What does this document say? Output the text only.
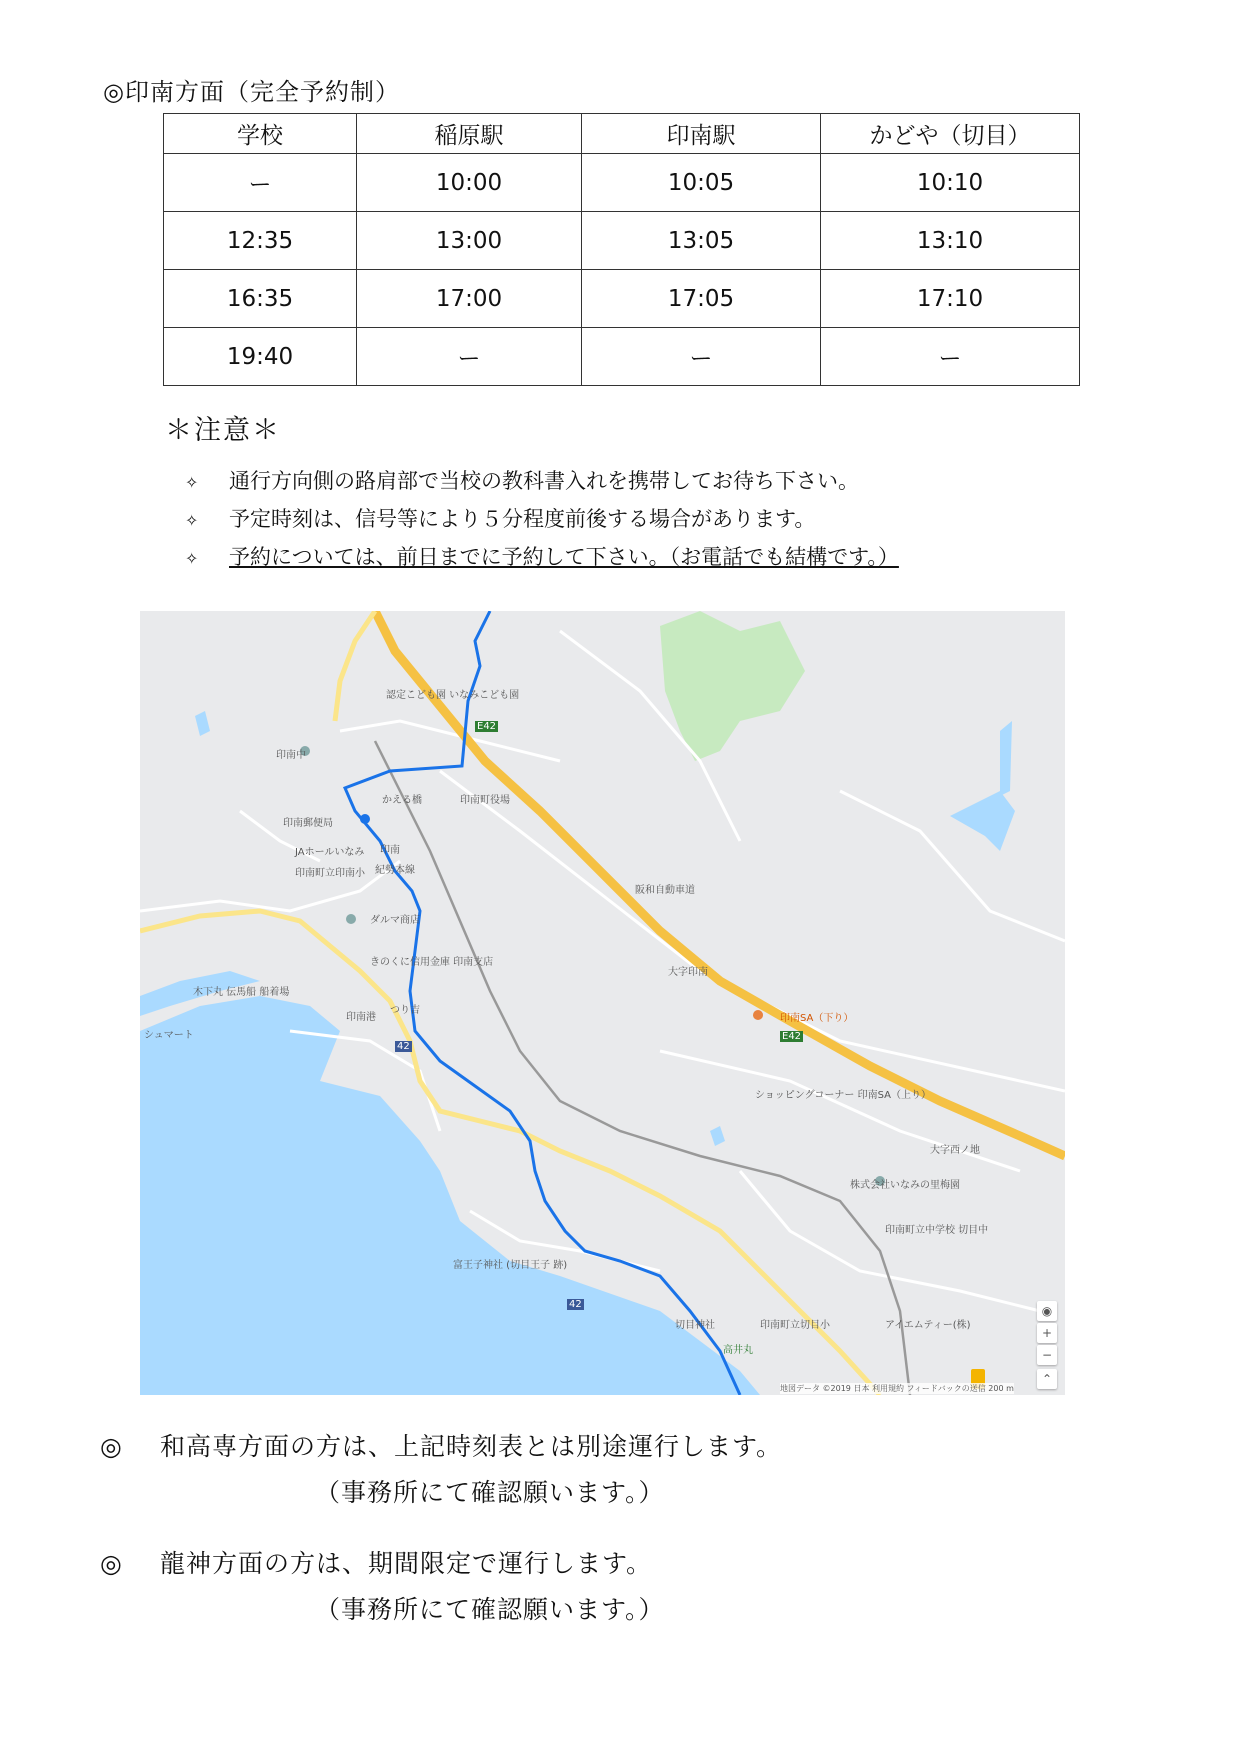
◎印南方面（完全予約制）
学校	稲原駅	印南駅	かどや（切目）
ー	10:00	10:05	10:10
12:35	13:00	13:05	13:10
16:35	17:00	17:05	17:10
19:40	ー	ー	ー
＊注意＊
✧ 通行方向側の路肩部で当校の教科書入れを携帯してお待ち下さい。
✧ 予定時刻は、信号等により５分程度前後する場合があります。
✧ 予約については、前日までに予約して下さい。（お電話でも結構です。）
認定こども園 いなみこども園
印南中
かえる橋	印南町役場
印南郵便局
印南
JAホールいなみ
印南町立印南小
ダルマ商店
きのくに信用金庫 印南支店
木下丸 伝馬船 船着場
印南港
つり吉
シュマート
阪和自動車道
紀勢本線
大字印南
印南SA（下り）
ショッピングコーナー 印南SA（上り）
大字西ノ地
株式会社いなみの里梅園
印南町立中学校 切目中
富王子神社 (切目王子 跡)
切目神社	印南町立切目小
高井丸
アイエムティー(株)
E42
E42
42
42	◉
+
−
⌃
地図データ ©2019 日本 利用規約 フィードバックの送信 200 m
◎ 和高専方面の方は、上記時刻表とは別途運行します。
（事務所にて確認願います。）
◎ 龍神方面の方は、期間限定で運行します。
（事務所にて確認願います。）
